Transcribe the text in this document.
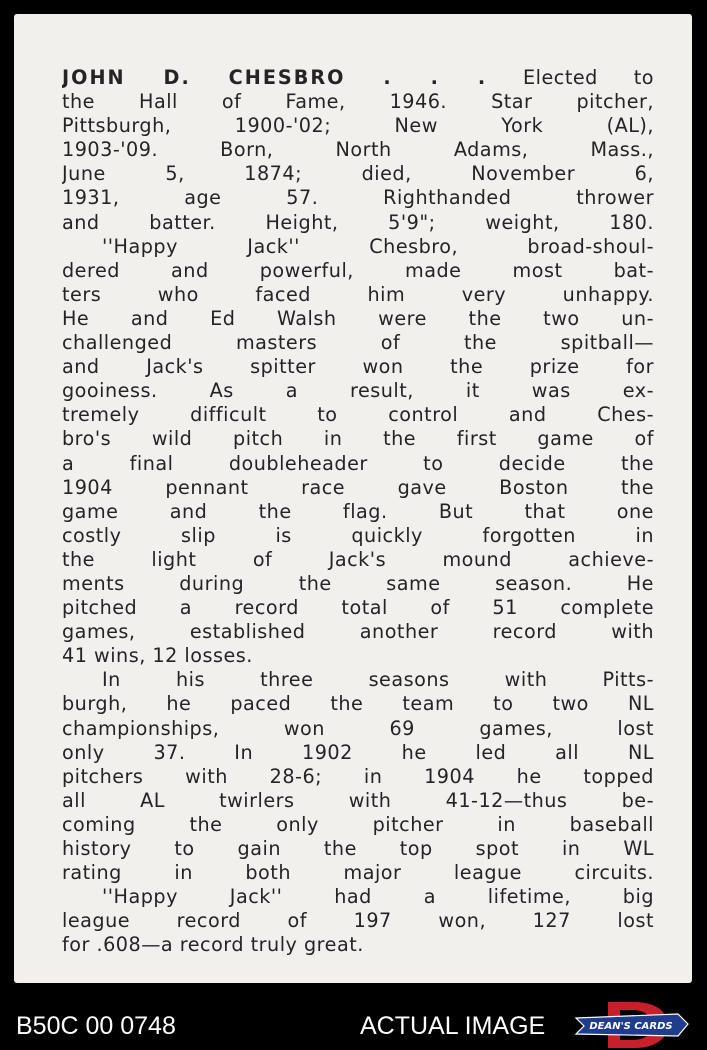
JOHN D. CHESBRO . . . Elected to
the Hall of Fame, 1946. Star pitcher,
Pittsburgh, 1900-'02; New York (AL),
1903-'09. Born, North Adams, Mass.,
June 5, 1874; died, November 6,
1931, age 57. Righthanded thrower
and batter. Height, 5'9"; weight, 180.
''Happy Jack'' Chesbro, broad-shoul-
dered and powerful, made most bat-
ters who faced him very unhappy.
He and Ed Walsh were the two un-
challenged masters of the spitball—
and Jack's spitter won the prize for
gooiness. As a result, it was ex-
tremely difficult to control and Ches-
bro's wild pitch in the first game of
a final doubleheader to decide the
1904 pennant race gave Boston the
game and the flag. But that one
costly slip is quickly forgotten in
the light of Jack's mound achieve-
ments during the same season. He
pitched a record total of 51 complete
games, established another record with
41 wins, 12 losses.
In his three seasons with Pitts-
burgh, he paced the team to two NL
championships, won 69 games, lost
only 37. In 1902 he led all NL
pitchers with 28-6; in 1904 he topped
all AL twirlers with 41-12—thus be-
coming the only pitcher in baseball
history to gain the top spot in WL
rating in both major league circuits.
''Happy Jack'' had a lifetime, big
league record of 197 won, 127 lost
for .608—a record truly great.
B50C 00 0748	ACTUAL IMAGE	DEAN'S CARDS
